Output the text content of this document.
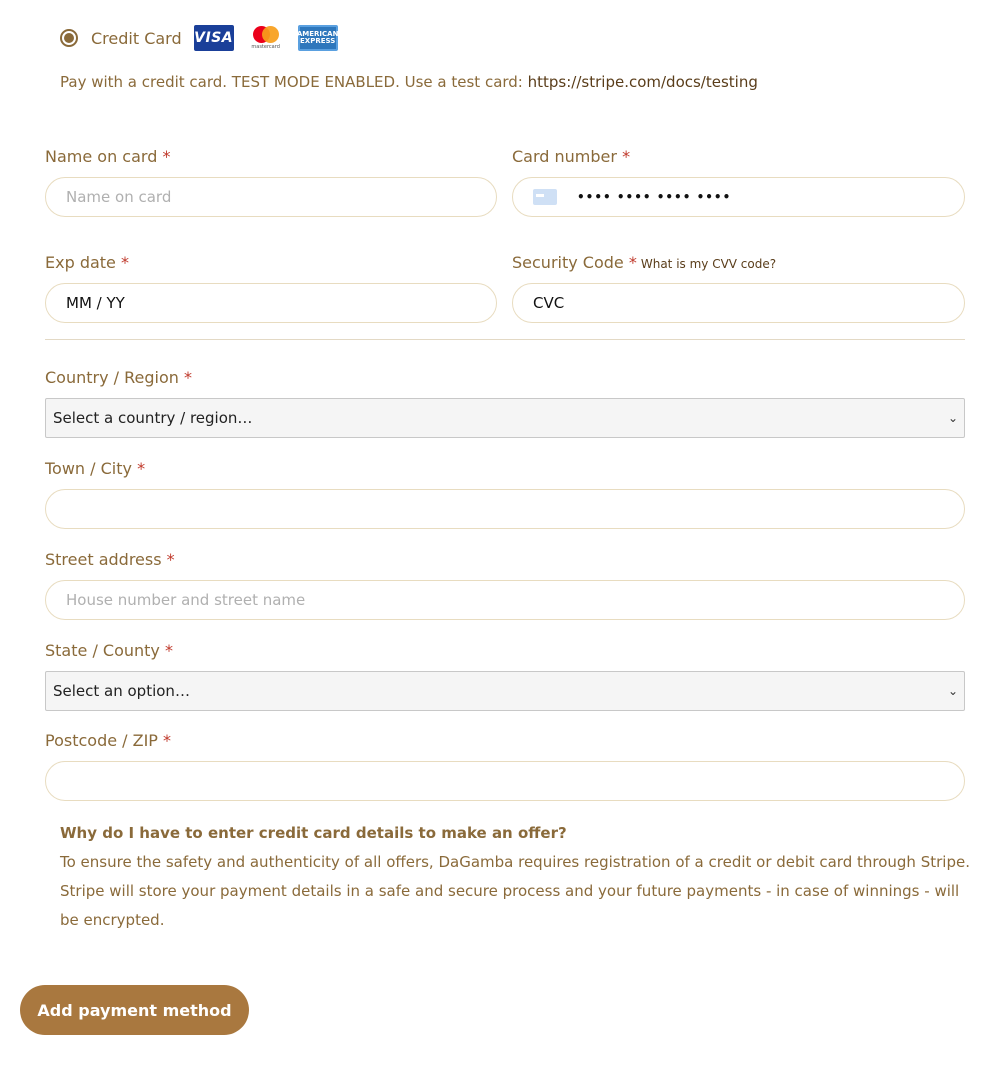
Credit Card VISA
mastercard
AMERICAN
EXPRESS
Pay with a credit card. TEST MODE ENABLED. Use a test card: https://stripe.com/docs/testing
Name on card *
Name on card
Card number *
•••• •••• •••• ••••
Exp date *
MM / YY
Security Code * What is my CVV code?
CVC
Country / Region *
Select a country / region…	⌄
Town / City *
Street address *
House number and street name
State / County *
Select an option…	⌄
Postcode / ZIP *
Why do I have to enter credit card details to make an offer?
To ensure the safety and authenticity of all offers, DaGamba requires registration of a credit or debit card through Stripe.
Stripe will store your payment details in a safe and secure process and your future payments - in case of winnings - will be encrypted.
Add payment method
